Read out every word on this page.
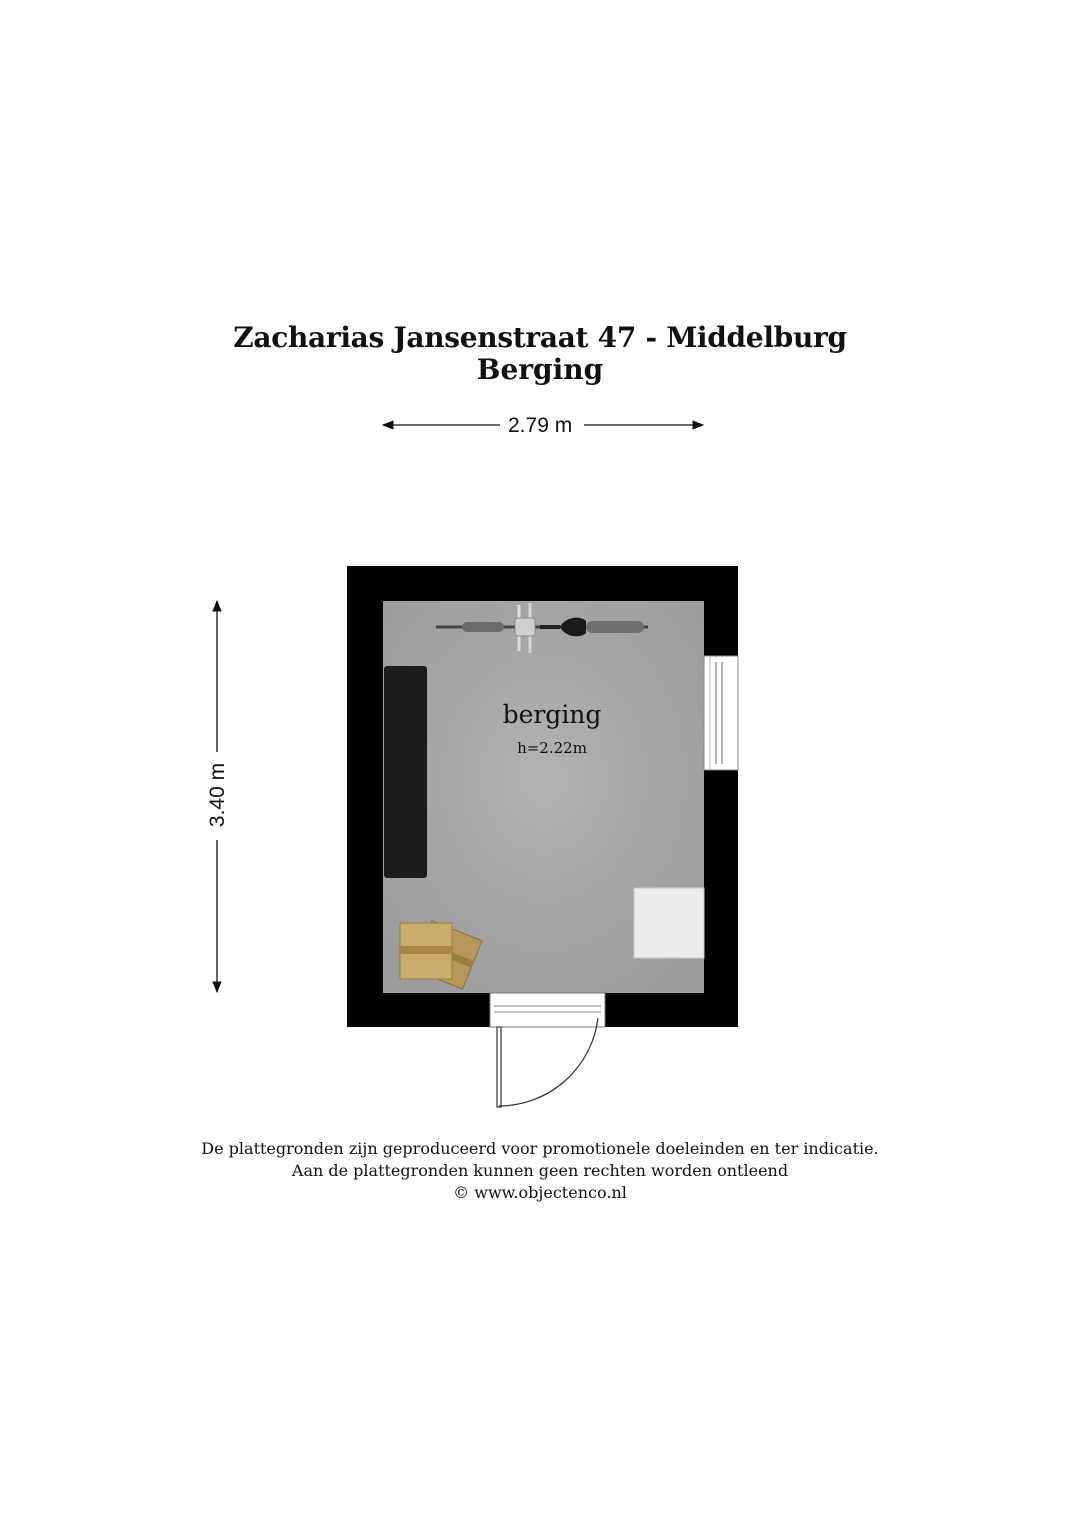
Zacharias Jansenstraat 47 - Middelburg
Berging
2.79 m
3.40 m
berging
h=2.22m
De plattegronden zijn geproduceerd voor promotionele doeleinden en ter indicatie.
Aan de plattegronden kunnen geen rechten worden ontleend
© www.objectenco.nl
